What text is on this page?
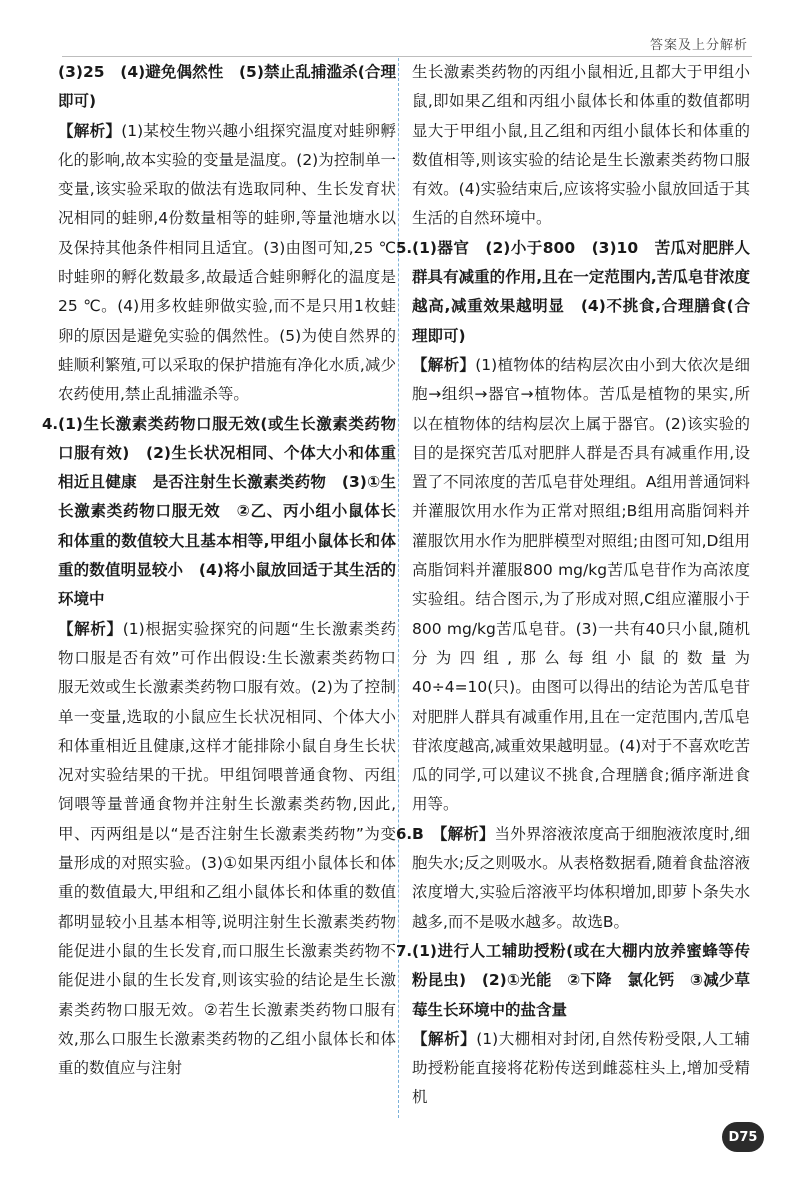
答案及上分解析

(3)25　(4)避免偶然性　(5)禁止乱捕滥杀(合理即可)

【解析】(1)某校生物兴趣小组探究温度对蛙卵孵化的影响,故本实验的变量是温度。(2)为控制单一变量,该实验采取的做法有选取同种、生长发育状况相同的蛙卵,4份数量相等的蛙卵,等量池塘水以及保持其他条件相同且适宜。(3)由图可知,25 ℃时蛙卵的孵化数最多,故最适合蛙卵孵化的温度是25 ℃。(4)用多枚蛙卵做实验,而不是只用1枚蛙卵的原因是避免实验的偶然性。(5)为使自然界的蛙顺利繁殖,可以采取的保护措施有净化水质,减少农药使用,禁止乱捕滥杀等。

4.(1)生长激素类药物口服无效(或生长激素类药物口服有效)　(2)生长状况相同、个体大小和体重相近且健康　是否注射生长激素类药物　(3)①生长激素类药物口服无效　②乙、丙小组小鼠体长和体重的数值较大且基本相等,甲组小鼠体长和体重的数值明显较小　(4)将小鼠放回适于其生活的环境中

【解析】(1)根据实验探究的问题“生长激素类药物口服是否有效”可作出假设:生长激素类药物口服无效或生长激素类药物口服有效。(2)为了控制单一变量,选取的小鼠应生长状况相同、个体大小和体重相近且健康,这样才能排除小鼠自身生长状况对实验结果的干扰。甲组饲喂普通食物、丙组饲喂等量普通食物并注射生长激素类药物,因此,甲、丙两组是以“是否注射生长激素类药物”为变量形成的对照实验。(3)①如果丙组小鼠体长和体重的数值最大,甲组和乙组小鼠体长和体重的数值都明显较小且基本相等,说明注射生长激素类药物能促进小鼠的生长发育,而口服生长激素类药物不能促进小鼠的生长发育,则该实验的结论是生长激素类药物口服无效。②若生长激素类药物口服有效,那么口服生长激素类药物的乙组小鼠体长和体重的数值应与注射

生长激素类药物的丙组小鼠相近,且都大于甲组小鼠,即如果乙组和丙组小鼠体长和体重的数值都明显大于甲组小鼠,且乙组和丙组小鼠体长和体重的数值相等,则该实验的结论是生长激素类药物口服有效。(4)实验结束后,应该将实验小鼠放回适于其生活的自然环境中。

5.(1)器官　(2)小于800　(3)10　苦瓜对肥胖人群具有减重的作用,且在一定范围内,苦瓜皂苷浓度越高,减重效果越明显　(4)不挑食,合理膳食(合理即可)

【解析】(1)植物体的结构层次由小到大依次是细胞→组织→器官→植物体。苦瓜是植物的果实,所以在植物体的结构层次上属于器官。(2)该实验的目的是探究苦瓜对肥胖人群是否具有减重作用,设置了不同浓度的苦瓜皂苷处理组。A组用普通饲料并灌服饮用水作为正常对照组;B组用高脂饲料并灌服饮用水作为肥胖模型对照组;由图可知,D组用高脂饲料并灌服800 mg/kg苦瓜皂苷作为高浓度实验组。结合图示,为了形成对照,C组应灌服小于800 mg/kg苦瓜皂苷。(3)一共有40只小鼠,随机分为四组,那么每组小鼠的数量为40÷4=10(只)。由图可以得出的结论为苦瓜皂苷对肥胖人群具有减重作用,且在一定范围内,苦瓜皂苷浓度越高,减重效果越明显。(4)对于不喜欢吃苦瓜的同学,可以建议不挑食,合理膳食;循序渐进食用等。

6.B　 【解析】当外界溶液浓度高于细胞液浓度时,细胞失水;反之则吸水。从表格数据看,随着食盐溶液浓度增大,实验后溶液平均体积增加,即萝卜条失水越多,而不是吸水越多。故选B。

7.(1)进行人工辅助授粉(或在大棚内放养蜜蜂等传粉昆虫)　(2)①光能　②下降　氯化钙　③减少草莓生长环境中的盐含量

【解析】(1)大棚相对封闭,自然传粉受限,人工辅助授粉能直接将花粉传送到雌蕊柱头上,增加受精机

D75
